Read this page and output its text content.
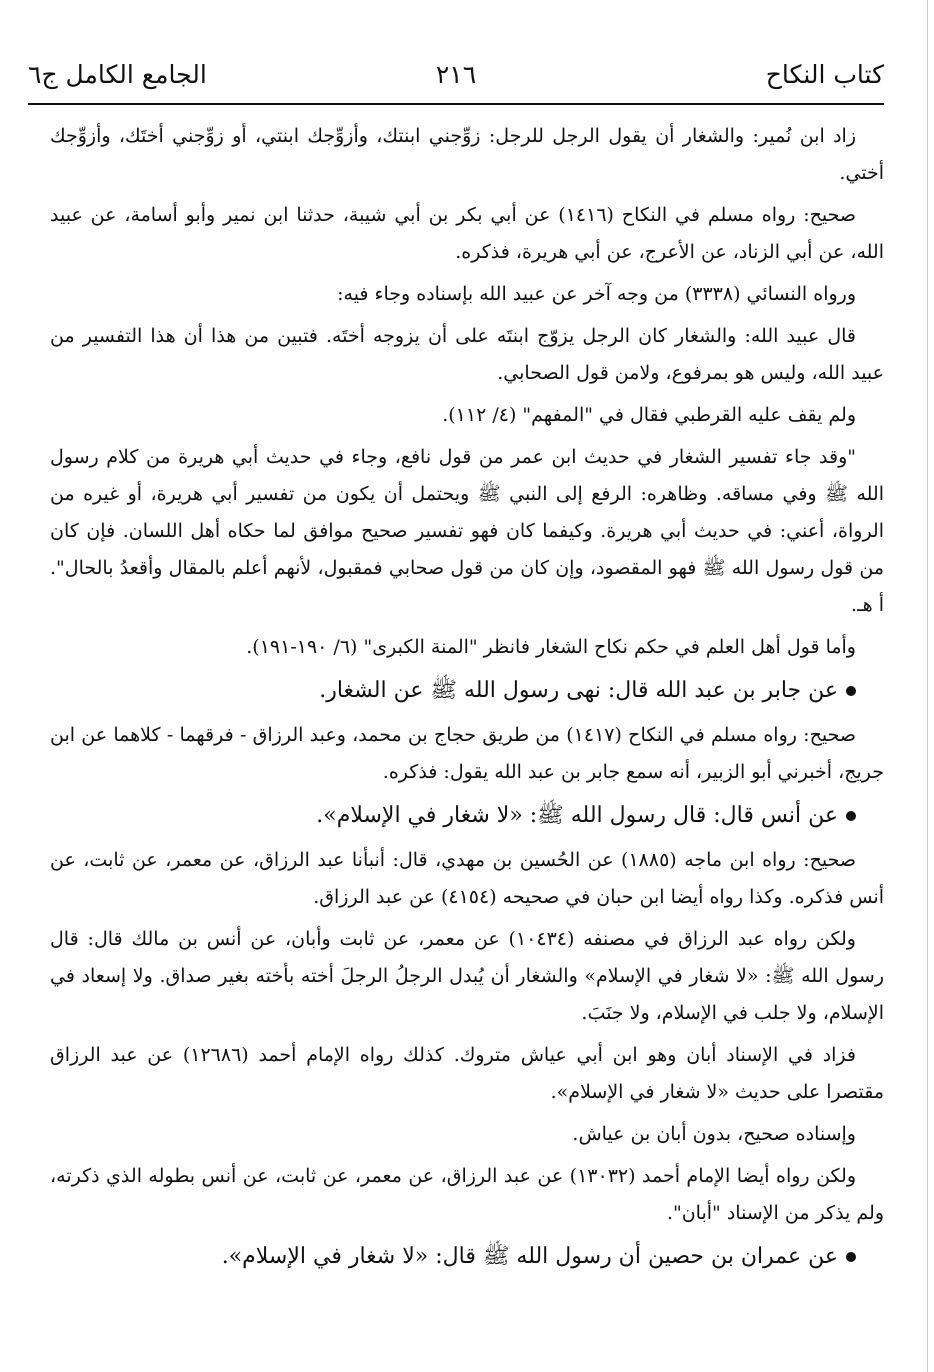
كتاب النكاح
٢١٦
الجامع الكامل ج٦

زاد ابن نُمير: والشغار أن يقول الرجل للرجل: زوِّجني ابنتك، وأزوِّجك ابنتي، أو زوِّجني أختَك، وأزوِّجك أختي.

صحيح: رواه مسلم في النكاح (١٤١٦) عن أبي بكر بن أبي شيبة، حدثنا ابن نمير وأبو أسامة، عن عبيد الله، عن أبي الزناد، عن الأعرج، عن أبي هريرة، فذكره.

ورواه النسائي (٣٣٣٨) من وجه آخر عن عبيد الله بإسناده وجاء فيه:

قال عبيد الله: والشغار كان الرجل يزوّج ابنتَه على أن يزوجه أختَه. فتبين من هذا أن هذا التفسير من عبيد الله، وليس هو بمرفوع، ولامن قول الصحابي.

ولم يقف عليه القرطبي فقال في "المفهم" (٤/ ١١٢).

"وقد جاء تفسير الشغار في حديث ابن عمر من قول نافع، وجاء في حديث أبي هريرة من كلام رسول الله ﷺ وفي مساقه. وظاهره: الرفع إلى النبي ﷺ ويحتمل أن يكون من تفسير أبي هريرة، أو غيره من الرواة، أعني: في حديث أبي هريرة. وكيفما كان فهو تفسير صحيح موافق لما حكاه أهل اللسان. فإن كان من قول رسول الله ﷺ فهو المقصود، وإن كان من قول صحابي فمقبول، لأنهم أعلم بالمقال وأقعدُ بالحال". أ هـ.

وأما قول أهل العلم في حكم نكاح الشغار فانظر "المنة الكبرى" (٦/ ١٩٠-١٩١).

عن جابر بن عبد الله قال: نهى رسول الله ﷺ عن الشغار.

صحيح: رواه مسلم في النكاح (١٤١٧) من طريق حجاج بن محمد، وعبد الرزاق - فرقهما - كلاهما عن ابن جريج، أخبرني أبو الزبير، أنه سمع جابر بن عبد الله يقول: فذكره.

عن أنس قال: قال رسول الله ﷺ: «لا شغار في الإسلام».

صحيح: رواه ابن ماجه (١٨٨٥) عن الحُسين بن مهدي، قال: أنبأنا عبد الرزاق، عن معمر، عن ثابت، عن أنس فذكره. وكذا رواه أيضا ابن حبان في صحيحه (٤١٥٤) عن عبد الرزاق.

ولكن رواه عبد الرزاق في مصنفه (١٠٤٣٤) عن معمر، عن ثابت وأبان، عن أنس بن مالك قال: قال رسول الله ﷺ: «لا شغار في الإسلام» والشغار أن يُبدل الرجلُ الرجلَ أخته بأخته بغير صداق. ولا إسعاد في الإسلام، ولا جلب في الإسلام، ولا جنَبَ.

فزاد في الإسناد أبان وهو ابن أبي عياش متروك. كذلك رواه الإمام أحمد (١٢٦٨٦) عن عبد الرزاق مقتصرا على حديث «لا شغار في الإسلام».

وإسناده صحيح، بدون أبان بن عياش.

ولكن رواه أيضا الإمام أحمد (١٣٠٣٢) عن عبد الرزاق، عن معمر، عن ثابت، عن أنس بطوله الذي ذكرته، ولم يذكر من الإسناد "أبان".

عن عمران بن حصين أن رسول الله ﷺ قال: «لا شغار في الإسلام».
